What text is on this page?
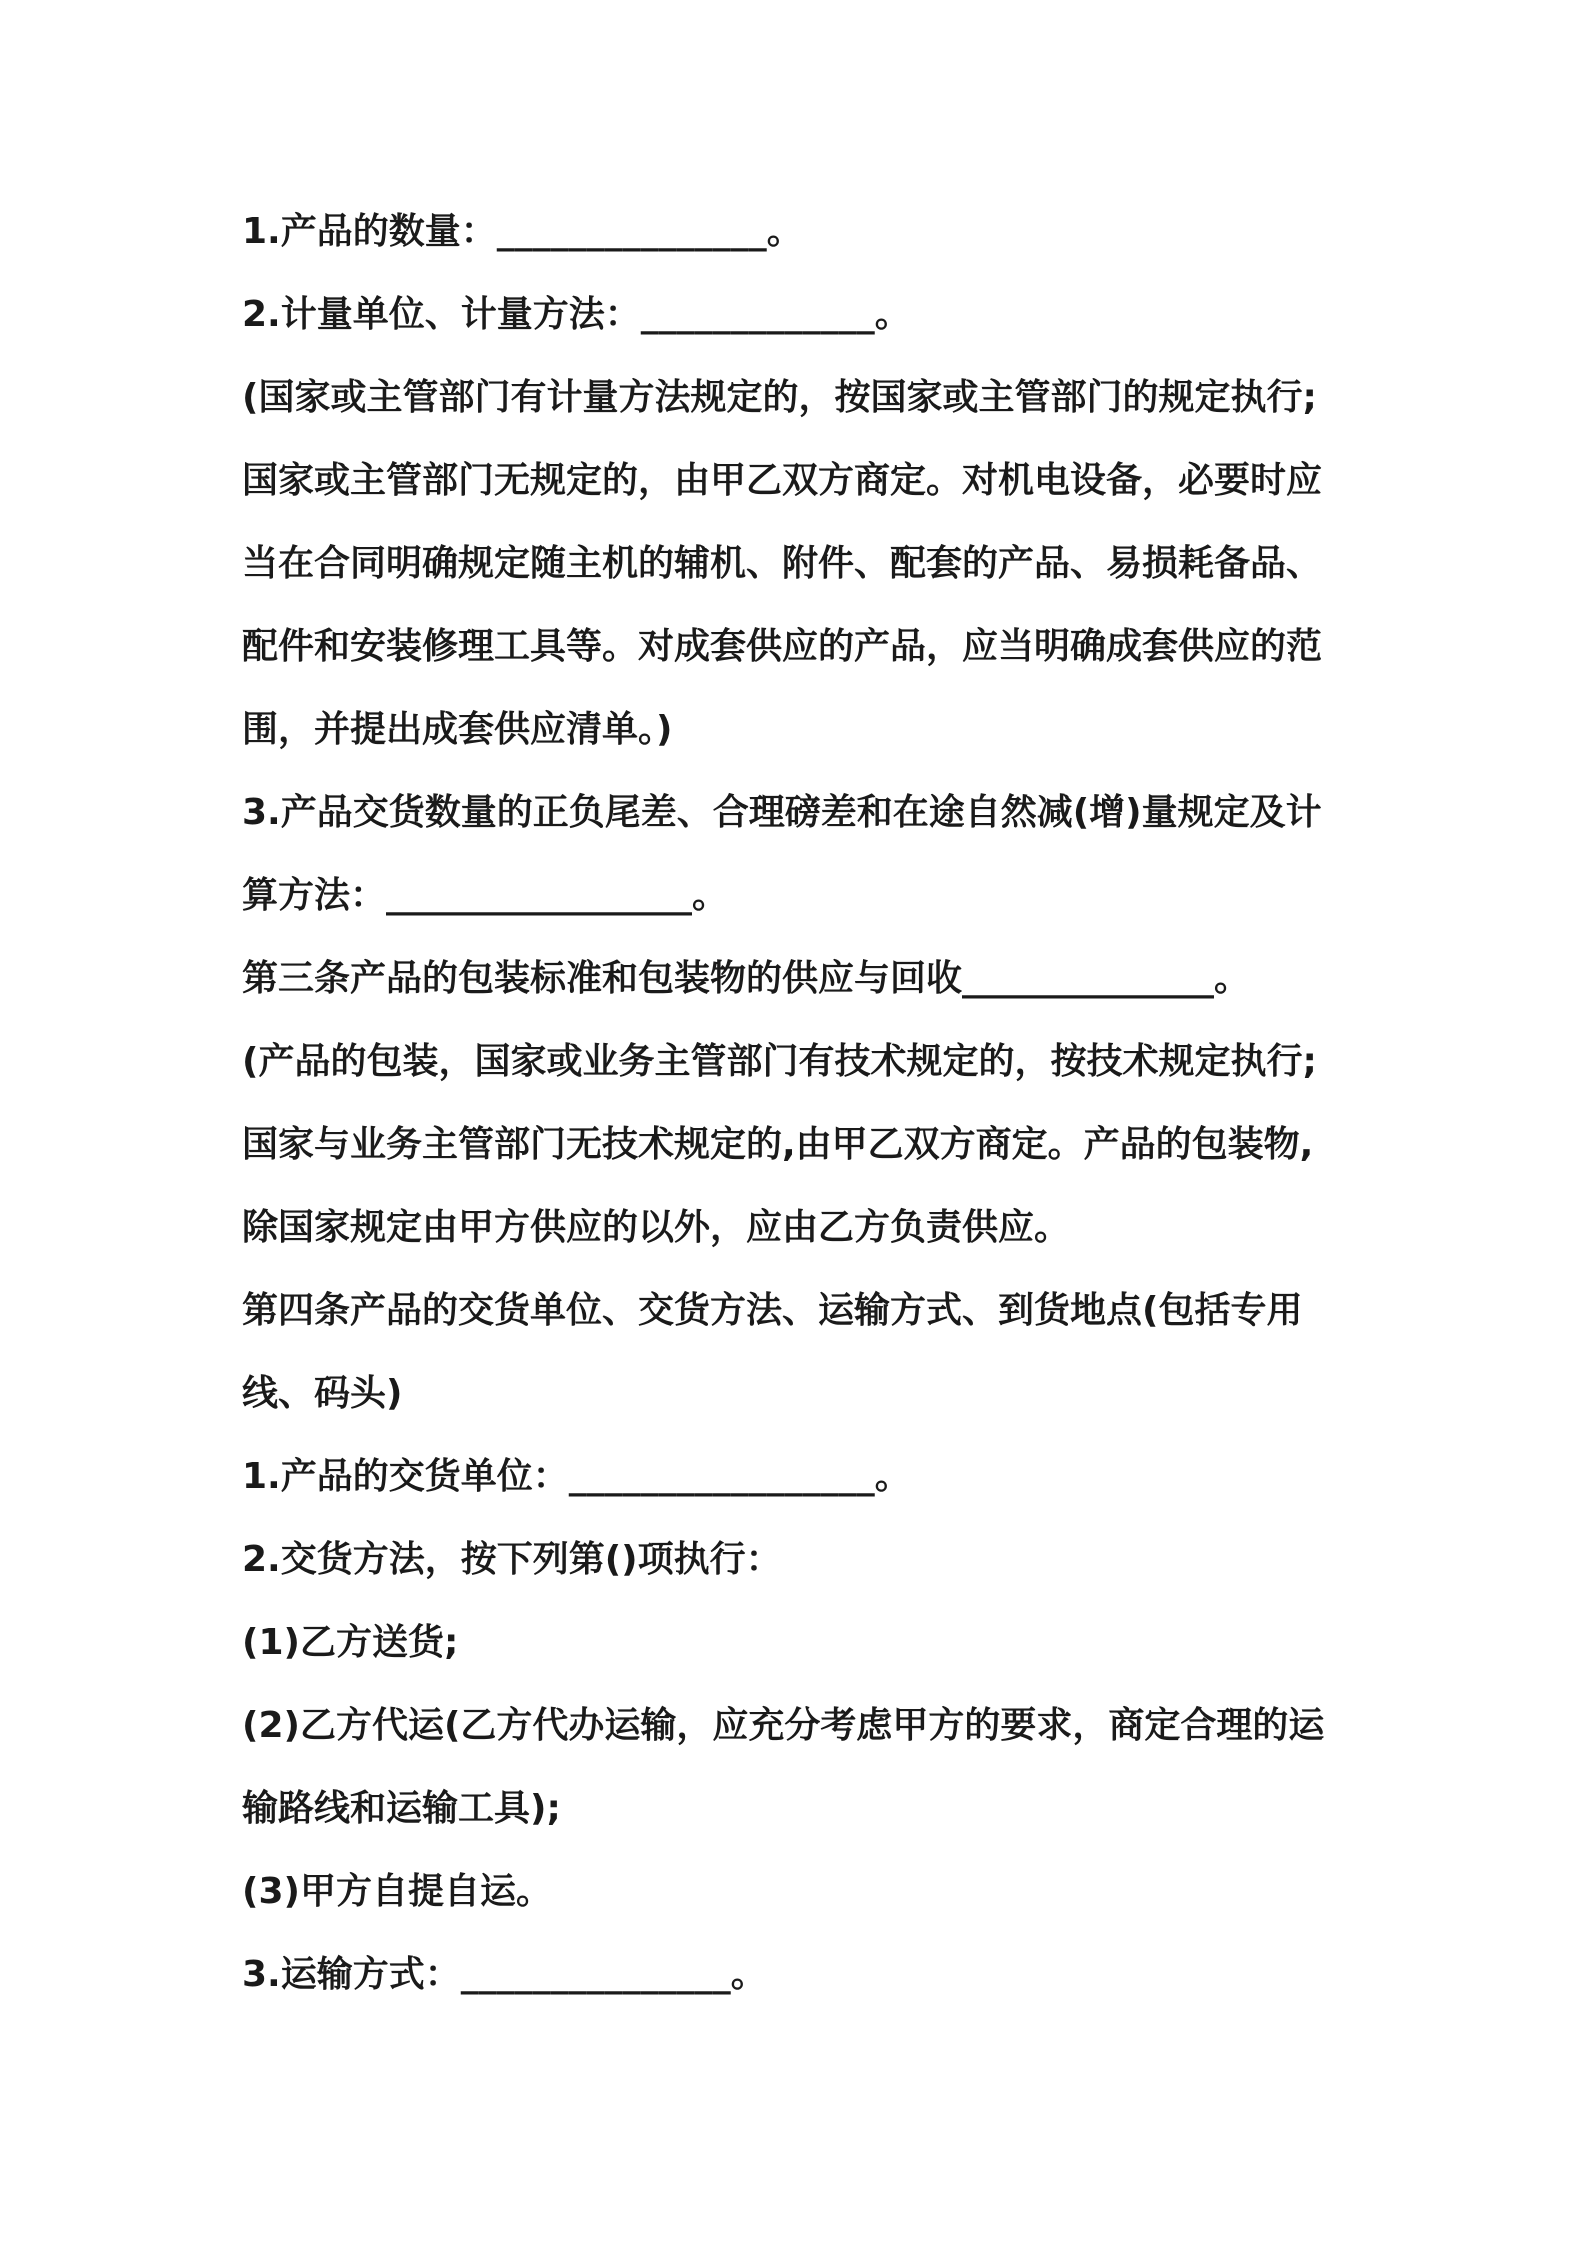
1.产品的数量：_______________。
2.计量单位、计量方法：_____________。
(国家或主管部门有计量方法规定的，按国家或主管部门的规定执行;
国家或主管部门无规定的，由甲乙双方商定。对机电设备，必要时应
当在合同明确规定随主机的辅机、附件、配套的产品、易损耗备品、
配件和安装修理工具等。对成套供应的产品，应当明确成套供应的范
围，并提出成套供应清单。)
3.产品交货数量的正负尾差、合理磅差和在途自然减(增)量规定及计
算方法：_________________。
第三条产品的包装标准和包装物的供应与回收______________。
(产品的包装，国家或业务主管部门有技术规定的，按技术规定执行;
国家与业务主管部门无技术规定的,由甲乙双方商定。产品的包装物,
除国家规定由甲方供应的以外，应由乙方负责供应。
第四条产品的交货单位、交货方法、运输方式、到货地点(包括专用
线、码头)
1.产品的交货单位：_________________。
2.交货方法，按下列第()项执行：
(1)乙方送货;
(2)乙方代运(乙方代办运输，应充分考虑甲方的要求，商定合理的运
输路线和运输工具);
(3)甲方自提自运。
3.运输方式：_______________。
